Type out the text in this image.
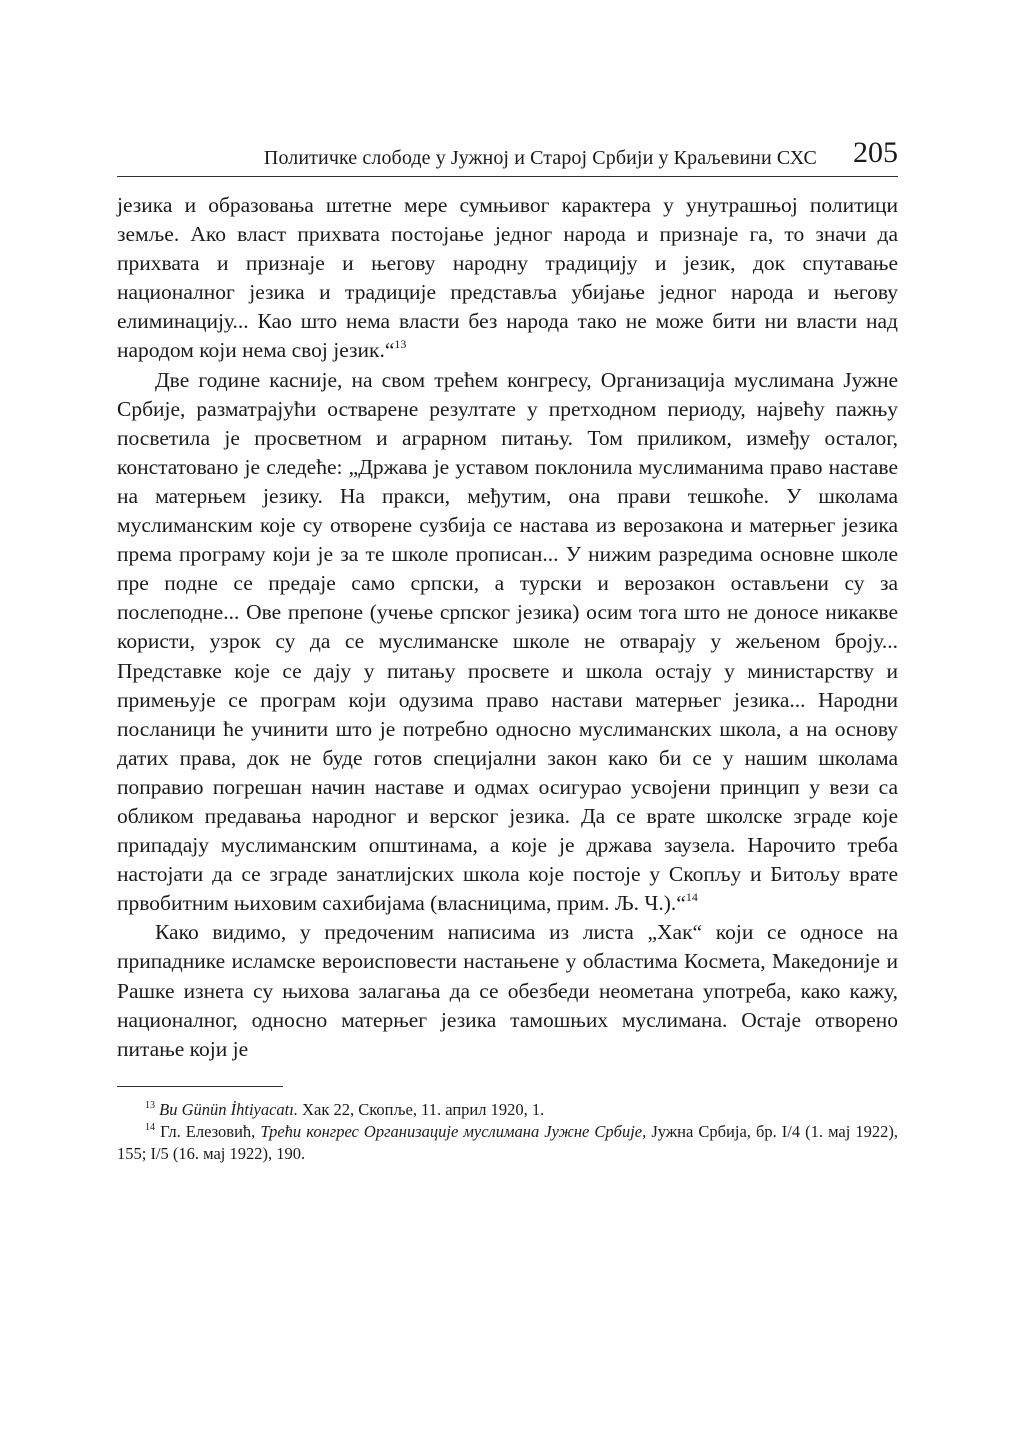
Политичке слободе у Јужној и Старој Србији у Краљевини СХС 205

језика и образовања штетне мере сумњивог карактера у унутрашњој политици земље. Ако власт прихвата постојање једног народа и признаје га, то значи да прихвата и признаје и његову народну традицију и језик, док спутавање националног језика и традиције представља убијање једног народа и његову елиминацију... Као што нема власти без народа тако не може бити ни власти над народом који нема свој језик.“$^{13}$

Две године касније, на свом трећем конгресу, Организација муслимана Јужне Србије, разматрајући остварене резултате у претходном периоду, највећу пажњу посветила је просветном и аграрном питању. Том приликом, између осталог, констатовано је следеће: „Држава је уставом поклонила муслиманима право наставе на матерњем језику. На пракси, међутим, она прави тешкоће. У школама муслиманским које су отворене сузбија се настава из верозакона и матерњег језика према програму који је за те школе прописан... У нижим разредима основне школе пре подне се предаје само српски, а турски и верозакон остављени су за послеподне... Ове препоне (учење српског језика) осим тога што не доносе никакве користи, узрок су да се муслиманске школе не отварају у жељеном броју... Представке које се дају у питању просвете и школа остају у министарству и примењује се програм који одузима право настави матерњег језика... Народни посланици ће учинити што је потребно односно муслиманских школа, а на основу датих права, док не буде готов специјални закон како би се у нашим школама поправио погрешан начин наставе и одмах осигурао усвојени принцип у вези са обликом предавања народног и верског језика. Да се врате школске зграде које припадају муслиманским општинама, а које је држава заузела. Нарочито треба настојати да се зграде занатлијских школа које постоје у Скопљу и Битољу врате првобитним њиховим сахибијама (власницима, прим. Љ. Ч.).“$^{14}$

Како видимо, у предоченим написима из листа „Хак“ који се односе на припаднике исламске вероисповести настањене у областима Косметa, Македоније и Рашке изнета су њихова залагања да се обезбеди неометана употреба, како кажу, националног, односно матерњег језика тамошњих муслимана. Остаје отворено питање који је

$^{13}$ Bu Günün İhtiyacatı. Хак 22, Скопље, 11. април 1920, 1.

$^{14}$ Гл. Елезовић, Трећи конгрес Организације муслимана Јужне Србије, Јужна Србија, бр. I/4 (1. мај 1922), 155; I/5 (16. мај 1922), 190.
